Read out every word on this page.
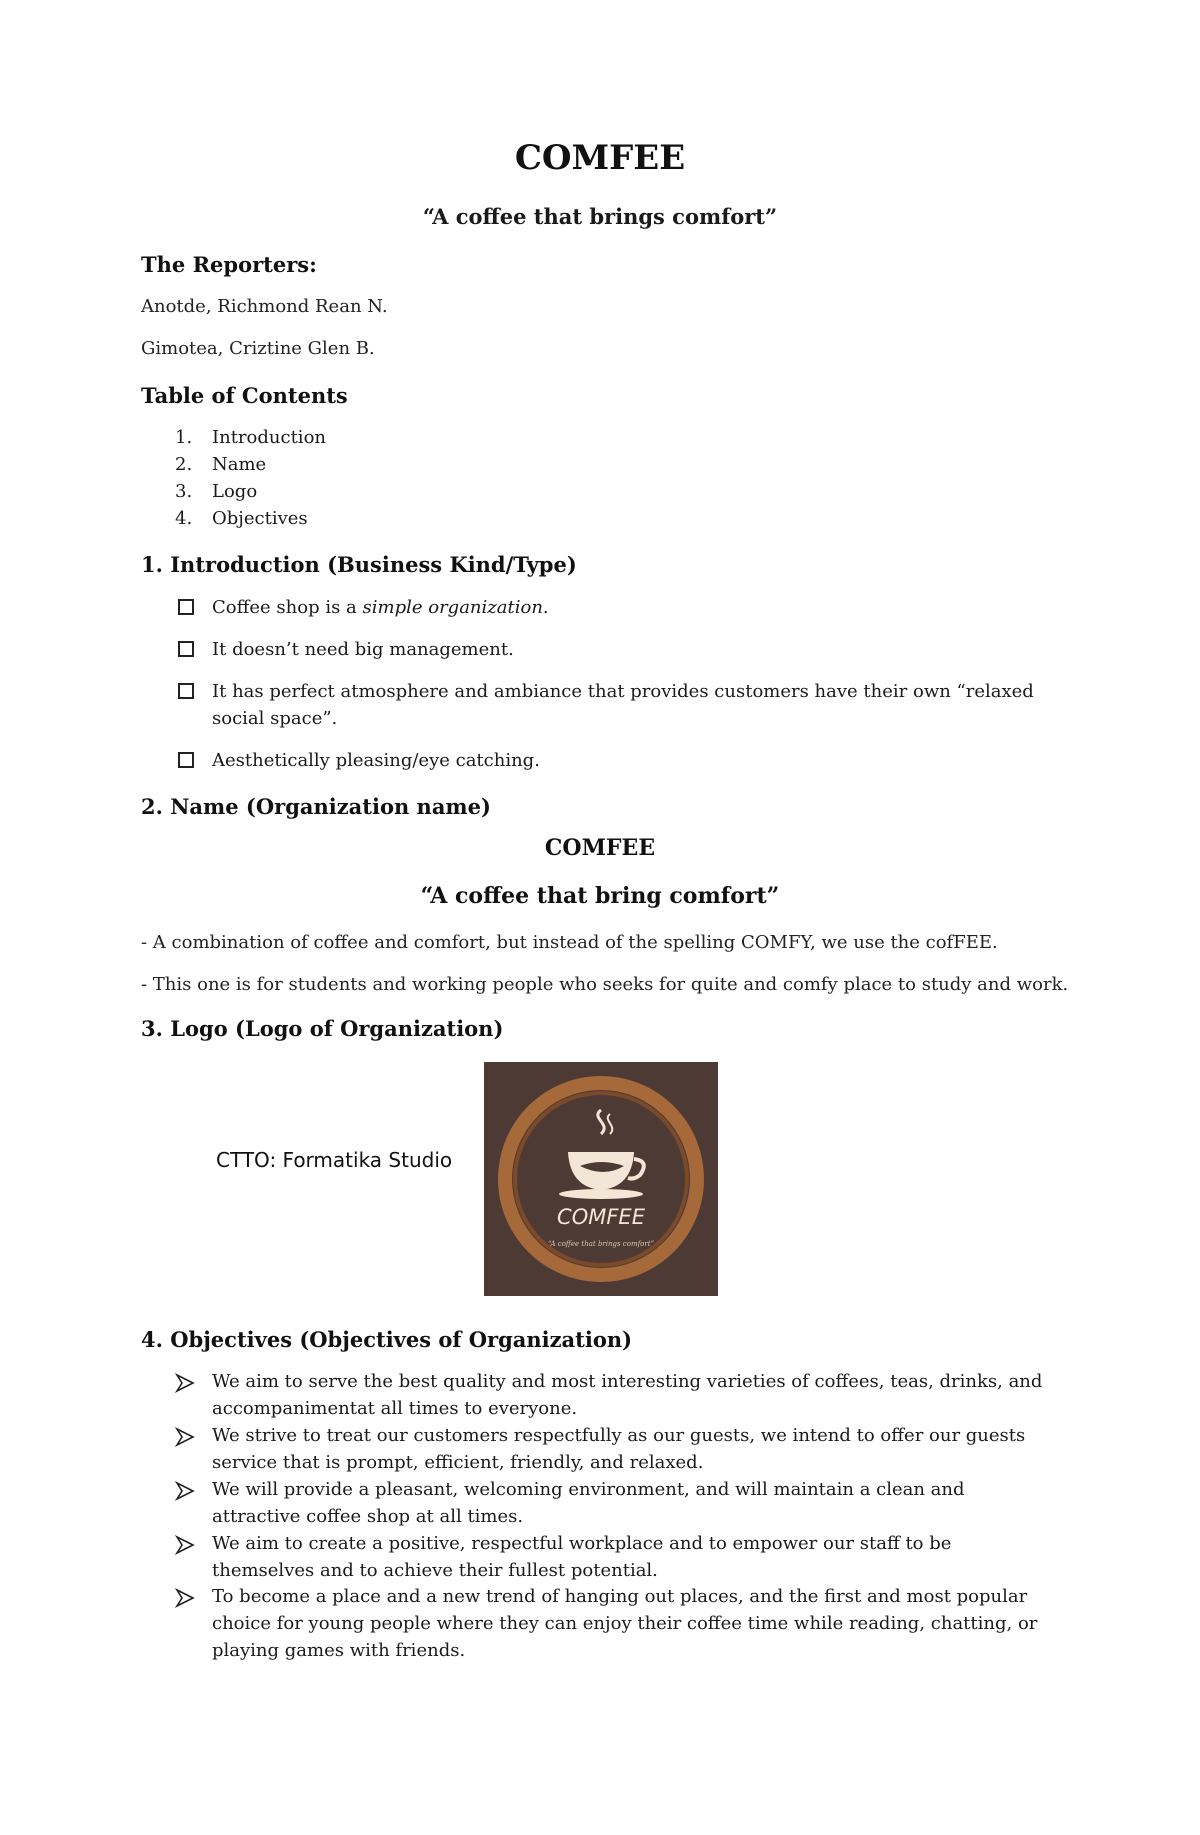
COMFEE
“A coffee that brings comfort”
The Reporters:
Anotde, Richmond Rean N.
Gimotea, Criztine Glen B.
Table of Contents
1. Introduction
2. Name
3. Logo
4. Objectives
1. Introduction (Business Kind/Type)
Coffee shop is a simple organization.
It doesn’t need big management.
It has perfect atmosphere and ambiance that provides customers have their own “relaxed social space”.
Aesthetically pleasing/eye catching.
2. Name (Organization name)
COMFEE
“A coffee that bring comfort”
- A combination of coffee and comfort, but instead of the spelling COMFY, we use the cofFEE.
- This one is for students and working people who seeks for quite and comfy place to study and work.
3. Logo (Logo of Organization)
COMFEE
“A coffee that brings comfort”
CTTO: Formatika Studio
4. Objectives (Objectives of Organization)
We aim to serve the best quality and most interesting varieties of coffees, teas, drinks, and accompanimentat all times to everyone.
We strive to treat our customers respectfully as our guests, we intend to offer our guests service that is prompt, efficient, friendly, and relaxed.
We will provide a pleasant, welcoming environment, and will maintain a clean and attractive coffee shop at all times.
We aim to create a positive, respectful workplace and to empower our staff to be themselves and to achieve their fullest potential.
To become a place and a new trend of hanging out places, and the first and most popular choice for young people where they can enjoy their coffee time while reading, chatting, or playing games with friends.
